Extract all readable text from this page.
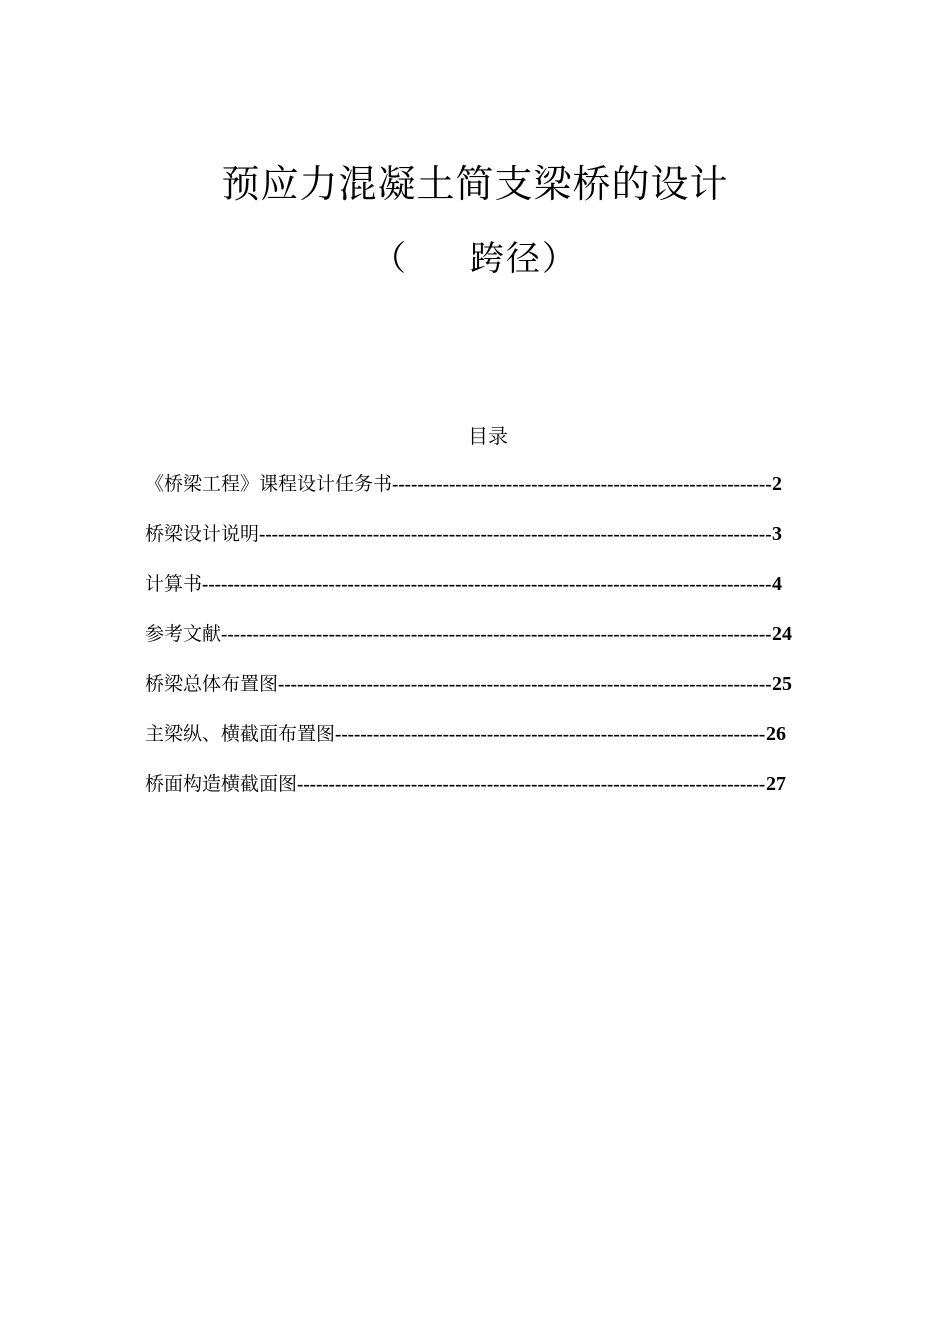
预应力混凝土简支梁桥的设计
（ 跨径）
目录
《桥梁工程》课程设计任务书 -----	2
桥梁设计说明 -----	3
计算书 -----	4
参考文献 -----	24
桥梁总体布置图 -----	25
主梁纵、横截面布置图 -----	26
桥面构造横截面图 -----	27
